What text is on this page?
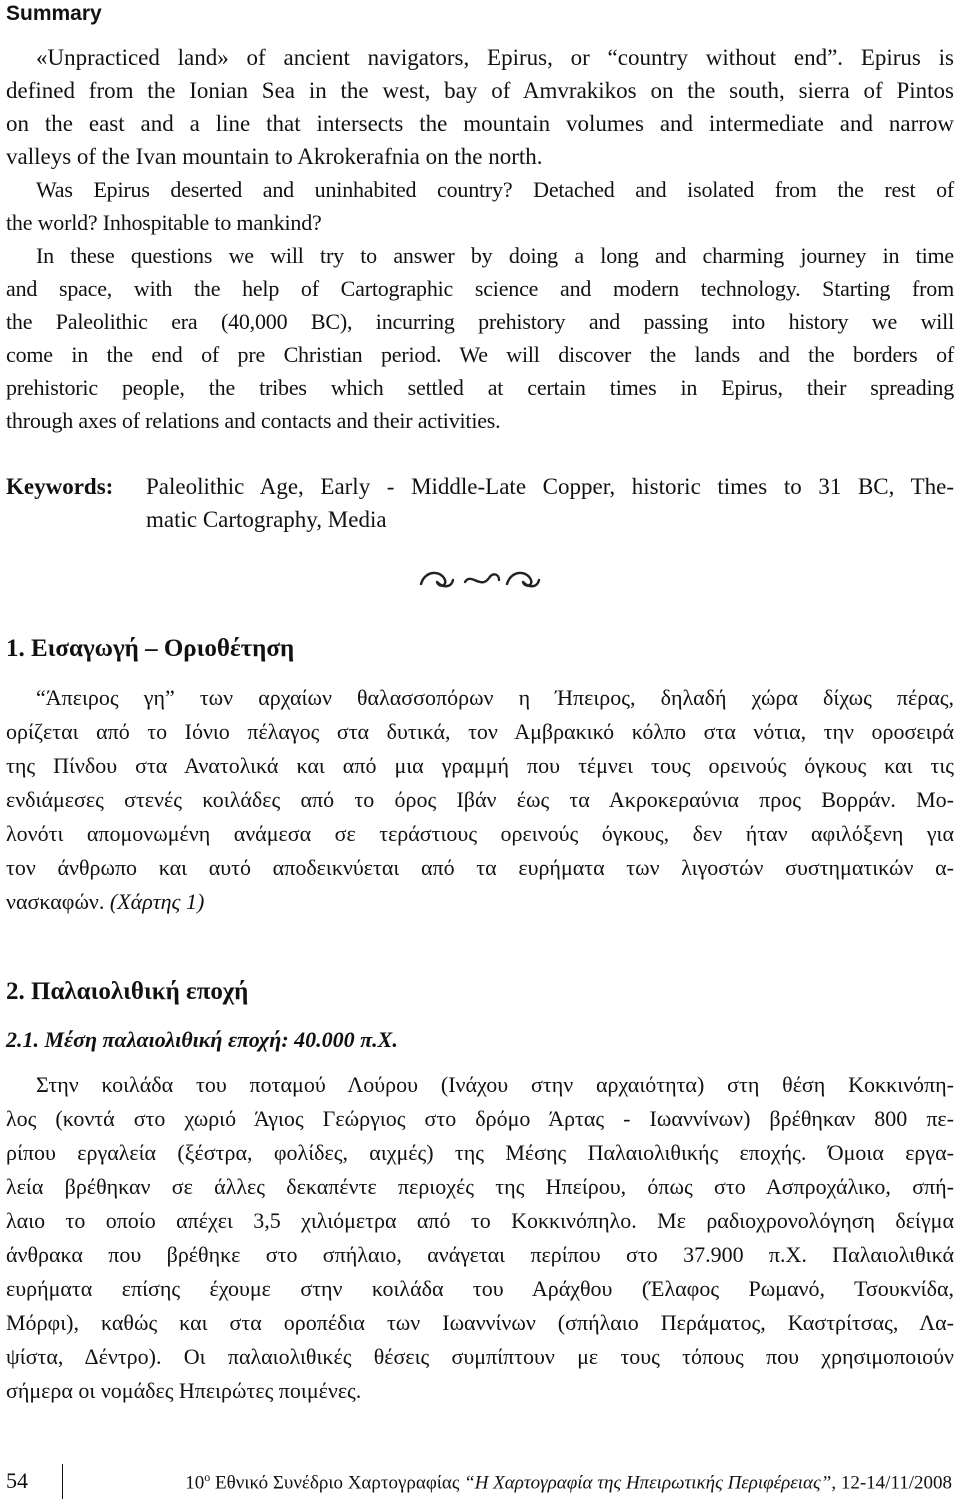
Summary
«Unpracticed land» of ancient navigators, Epirus, or “country without end”. Epirus is
defined from the Ionian Sea in the west, bay of Amvrakikos on the south, sierra of Pintos
on the east and a line that intersects the mountain volumes and intermediate and narrow
valleys of the Ivan mountain to Akrokerafnia on the north.
Was Epirus deserted and uninhabited country? Detached and isolated from the rest of
the world? Inhospitable to mankind?
In these questions we will try to answer by doing a long and charming journey in time
and space, with the help of Cartographic science and modern technology. Starting from
the Paleolithic era (40,000 BC), incurring prehistory and passing into history we will
come in the end of pre Christian period. We will discover the lands and the borders of
prehistoric people, the tribes which settled at certain times in Epirus, their spreading
through axes of relations and contacts and their activities.
Keywords: Paleolithic Age, Early - Middle-Late Copper, historic times to 31 BC, The-
matic Cartography, Media
1. Εισαγωγή – Οριοθέτηση
“Άπειρος γη” των αρχαίων θαλασσοπόρων η Ήπειρος, δηλαδή χώρα δίχως πέρας,
ορίζεται από το Ιόνιο πέλαγος στα δυτικά, τον Αμβρακικό κόλπο στα νότια, την οροσειρά
της Πίνδου στα Ανατολικά και από μια γραμμή που τέμνει τους ορεινούς όγκους και τις
ενδιάμεσες στενές κοιλάδες από το όρος Ιβάν έως τα Ακροκεραύνια προς Βορράν. Μο-
λονότι απομονωμένη ανάμεσα σε τεράστιους ορεινούς όγκους, δεν ήταν αφιλόξενη για
τον άνθρωπο και αυτό αποδεικνύεται από τα ευρήματα των λιγοστών συστηματικών α-
νασκαφών. (Χάρτης 1)
2. Παλαιολιθική εποχή
2.1. Μέση παλαιολιθική εποχή: 40.000 π.Χ.
Στην κοιλάδα του ποταμού Λούρου (Ινάχου στην αρχαιότητα) στη θέση Κοκκινόπη-
λος (κοντά στο χωριό Άγιος Γεώργιος στο δρόμο Άρτας - Ιωαννίνων) βρέθηκαν 800 πε-
ρίπου εργαλεία (ξέστρα, φολίδες, αιχμές) της Μέσης Παλαιολιθικής εποχής. Όμοια εργα-
λεία βρέθηκαν σε άλλες δεκαπέντε περιοχές της Ηπείρου, όπως στο Ασπροχάλικο, σπή-
λαιο το οποίο απέχει 3,5 χιλιόμετρα από το Κοκκινόπηλο. Με ραδιοχρονολόγηση δείγμα
άνθρακα που βρέθηκε στο σπήλαιο, ανάγεται περίπου στο 37.900 π.Χ. Παλαιολιθικά
ευρήματα επίσης έχουμε στην κοιλάδα του Αράχθου (Έλαφος Ρωμανό, Τσουκνίδα,
Μόρφι), καθώς και στα οροπέδια των Ιωαννίνων (σπήλαιο Περάματος, Καστρίτσας, Λα-
ψίστα, Δέντρο). Οι παλαιολιθικές θέσεις συμπίπτουν με τους τόπους που χρησιμοποιούν
σήμερα οι νομάδες Ηπειρώτες ποιμένες.
54	$10^o$ Εθνικό Συνέδριο Χαρτογραφίας “Η Χαρτογραφία της Ηπειρωτικής Περιφέρειας”, 12-14/11/2008
